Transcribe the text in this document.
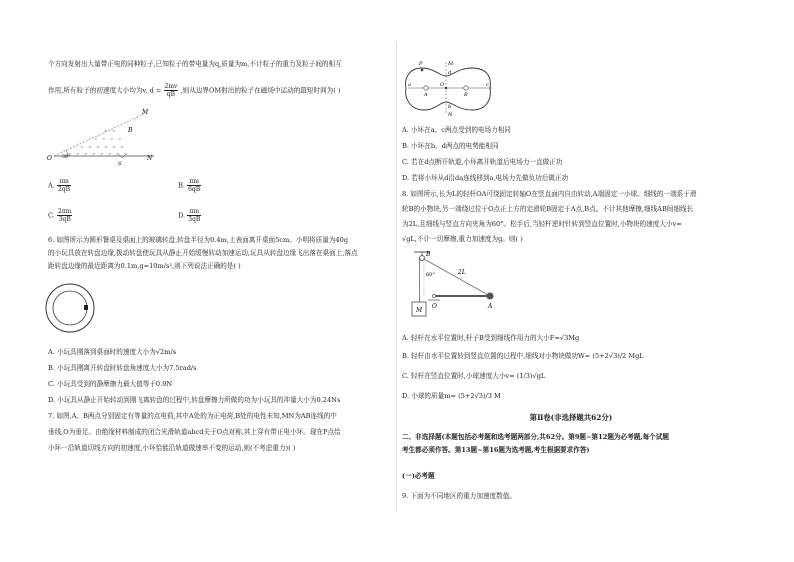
个方向发射出大量带正电的同种粒子,已知粒子的带电量为q,质量为m,不计粒子的重力及粒子间的相互
作用,所有粒子的初速度大小均为v, $d = \frac{2mv}{qB}$ ,则从边界OM射出的粒子在磁场中运动的最短时间为( )
× ×
× × × ×
× × × × × ×
× × × × × × × ×
M
B
O 30°	N
S
A. $\frac{\pi m}{2qB}$	B. $\frac{\pi m}{6qB}$
C. $\frac{2\pi m}{3qB}$	D. $\frac{\pi m}{3qB}$
6. 如图所示为圆形餐桌及桌面上的玻璃转盘,转盘半径为0.4m,上表面离开桌面5cm。小明将质量为40g
的小玩具放在转盘边缘,拨动转盘使玩具从静止开始缓慢转动加速运动,玩具从转盘边缘飞出落在桌面上,落点
距转盘边缘的最近距离为0.1m,g=10m/s²,则下列说法正确的是( )
A. 小玩具刚落到桌面时的速度大小为√2m/s
B. 小玩具刚离开转盘时转盘角速度大小为7.5rad/s
C. 小玩具受到的静摩擦力最大值等于0.9N
D. 小玩具从静止开始转动到刚飞离转盘的过程中,转盘摩擦力所做的功为小玩具的冲量大小为0.24Ns
7. 如图,A、B两点分别固定有等量的点电荷,其中A处的为正电荷,B处的电性未知,MN为AB连线的中
垂线,O为垂足。由绝缘材料制成的闭合光滑轨道abcd关于O点对称,其上穿有带正电小环。现在P点给
小环一沿轨道切线方向的初速度,小环恰能沿轨道做速率不变的运动,则(不考虑重力)( )
P	M
a
A
O
B
c
d
b
N
A. 小环在a、c两点受到的电场力相同
B. 小环在b、d两点的电势能相同
C. 若在d点断开轨道,小环离开轨道后电场力一直做正功
D. 若将小环从d沿da连线移到a,电场力先做负功后做正功
8. 如图所示,长为L的轻杆OA可绕固定转轴O在竖直面内自由转动,A端固定一小球。细线的一端系于滑
轮B的小物块,另一端绕过位于O点正上方的定滑轮B固定于A点,B点。不计其他摩擦,细线AB间细线长
为2L,且细线与竖直方向夹角为60°。松手后,当轻杆逆时针转到竖直位置时,小物块的速度大小v=
√gL,不计一切摩擦,重力加速度为g。则( )
B
60°	2L
M
O	A
A. 轻杆在水平位置时,杆子B受到细线作用力的大小F=√3Mg
B. 轻杆由水平位置转到竖直位置的过程中,细线对小物块做功W= (5+2√3)/2 MgL
C. 轻杆在竖直位置时,小球速度大小v= (1/3)√gL
D. 小球的质量m= (5+2√3)/3 M
第Ⅱ卷(非选择题共62分)
二、非选择题(本题包括必考题和选考题两部分,共62分。第9题~第12题为必考题,每个试题
考生都必须作答。第13题~第16题为选考题,考生根据要求作答)
(一)必考题
9. 下面为不同地区的重力加速度数值。
